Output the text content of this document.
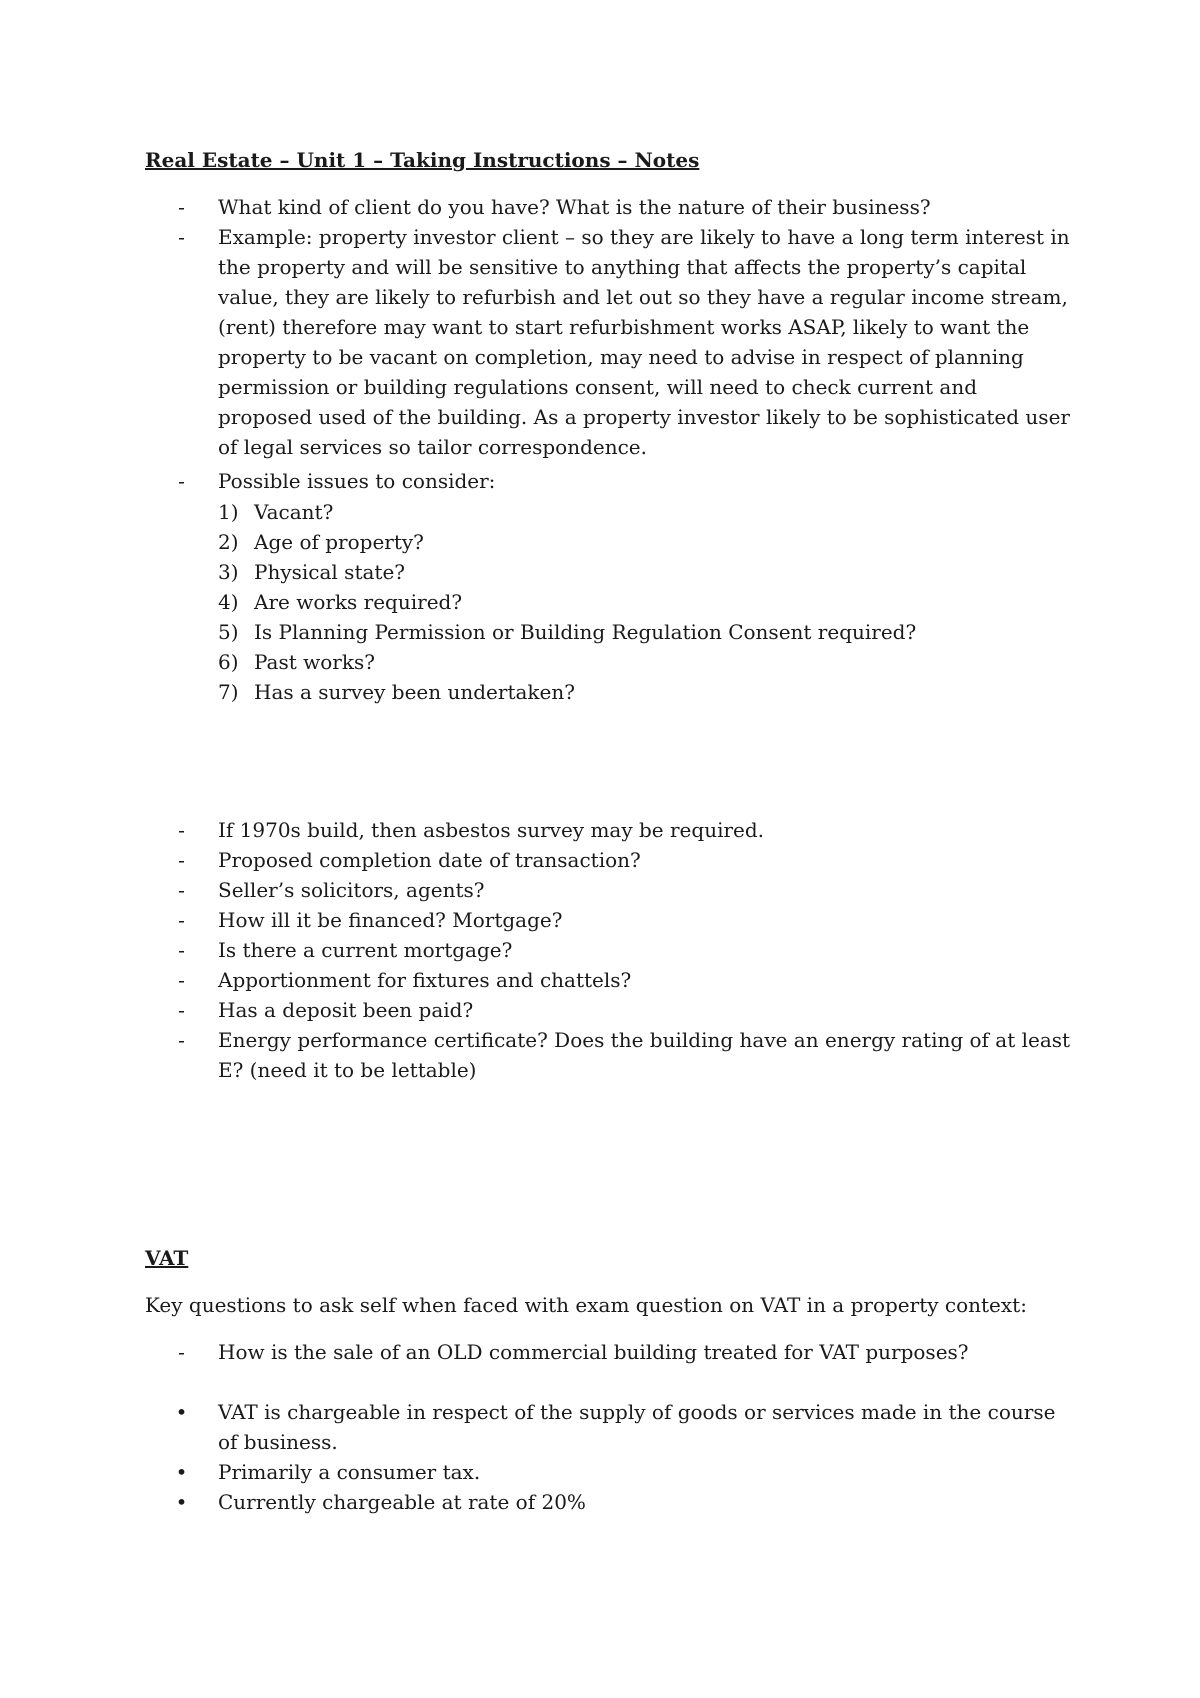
Real Estate – Unit 1 – Taking Instructions – Notes
-	What kind of client do you have? What is the nature of their business?
-	Example: property investor client – so they are likely to have a long term interest in the property and will be sensitive to anything that affects the property’s capital value, they are likely to refurbish and let out so they have a regular income stream, (rent) therefore may want to start refurbishment works ASAP, likely to want the property to be vacant on completion, may need to advise in respect of planning permission or building regulations consent, will need to check current and proposed used of the building. As a property investor likely to be sophisticated user of legal services so tailor correspondence.
-	Possible issues to consider:
1) Vacant?
2) Age of property?
3) Physical state?
4) Are works required?
5) Is Planning Permission or Building Regulation Consent required?
6) Past works?
7) Has a survey been undertaken?
-	If 1970s build, then asbestos survey may be required.
-	Proposed completion date of transaction?
-	Seller’s solicitors, agents?
-	How ill it be financed? Mortgage?
-	Is there a current mortgage?
-	Apportionment for fixtures and chattels?
-	Has a deposit been paid?
-	Energy performance certificate? Does the building have an energy rating of at least E? (need it to be lettable)
VAT

Key questions to ask self when faced with exam question on VAT in a property context:

-	How is the sale of an OLD commercial building treated for VAT purposes?
•	VAT is chargeable in respect of the supply of goods or services made in the course of business.
•	Primarily a consumer tax.
•	Currently chargeable at rate of 20%
